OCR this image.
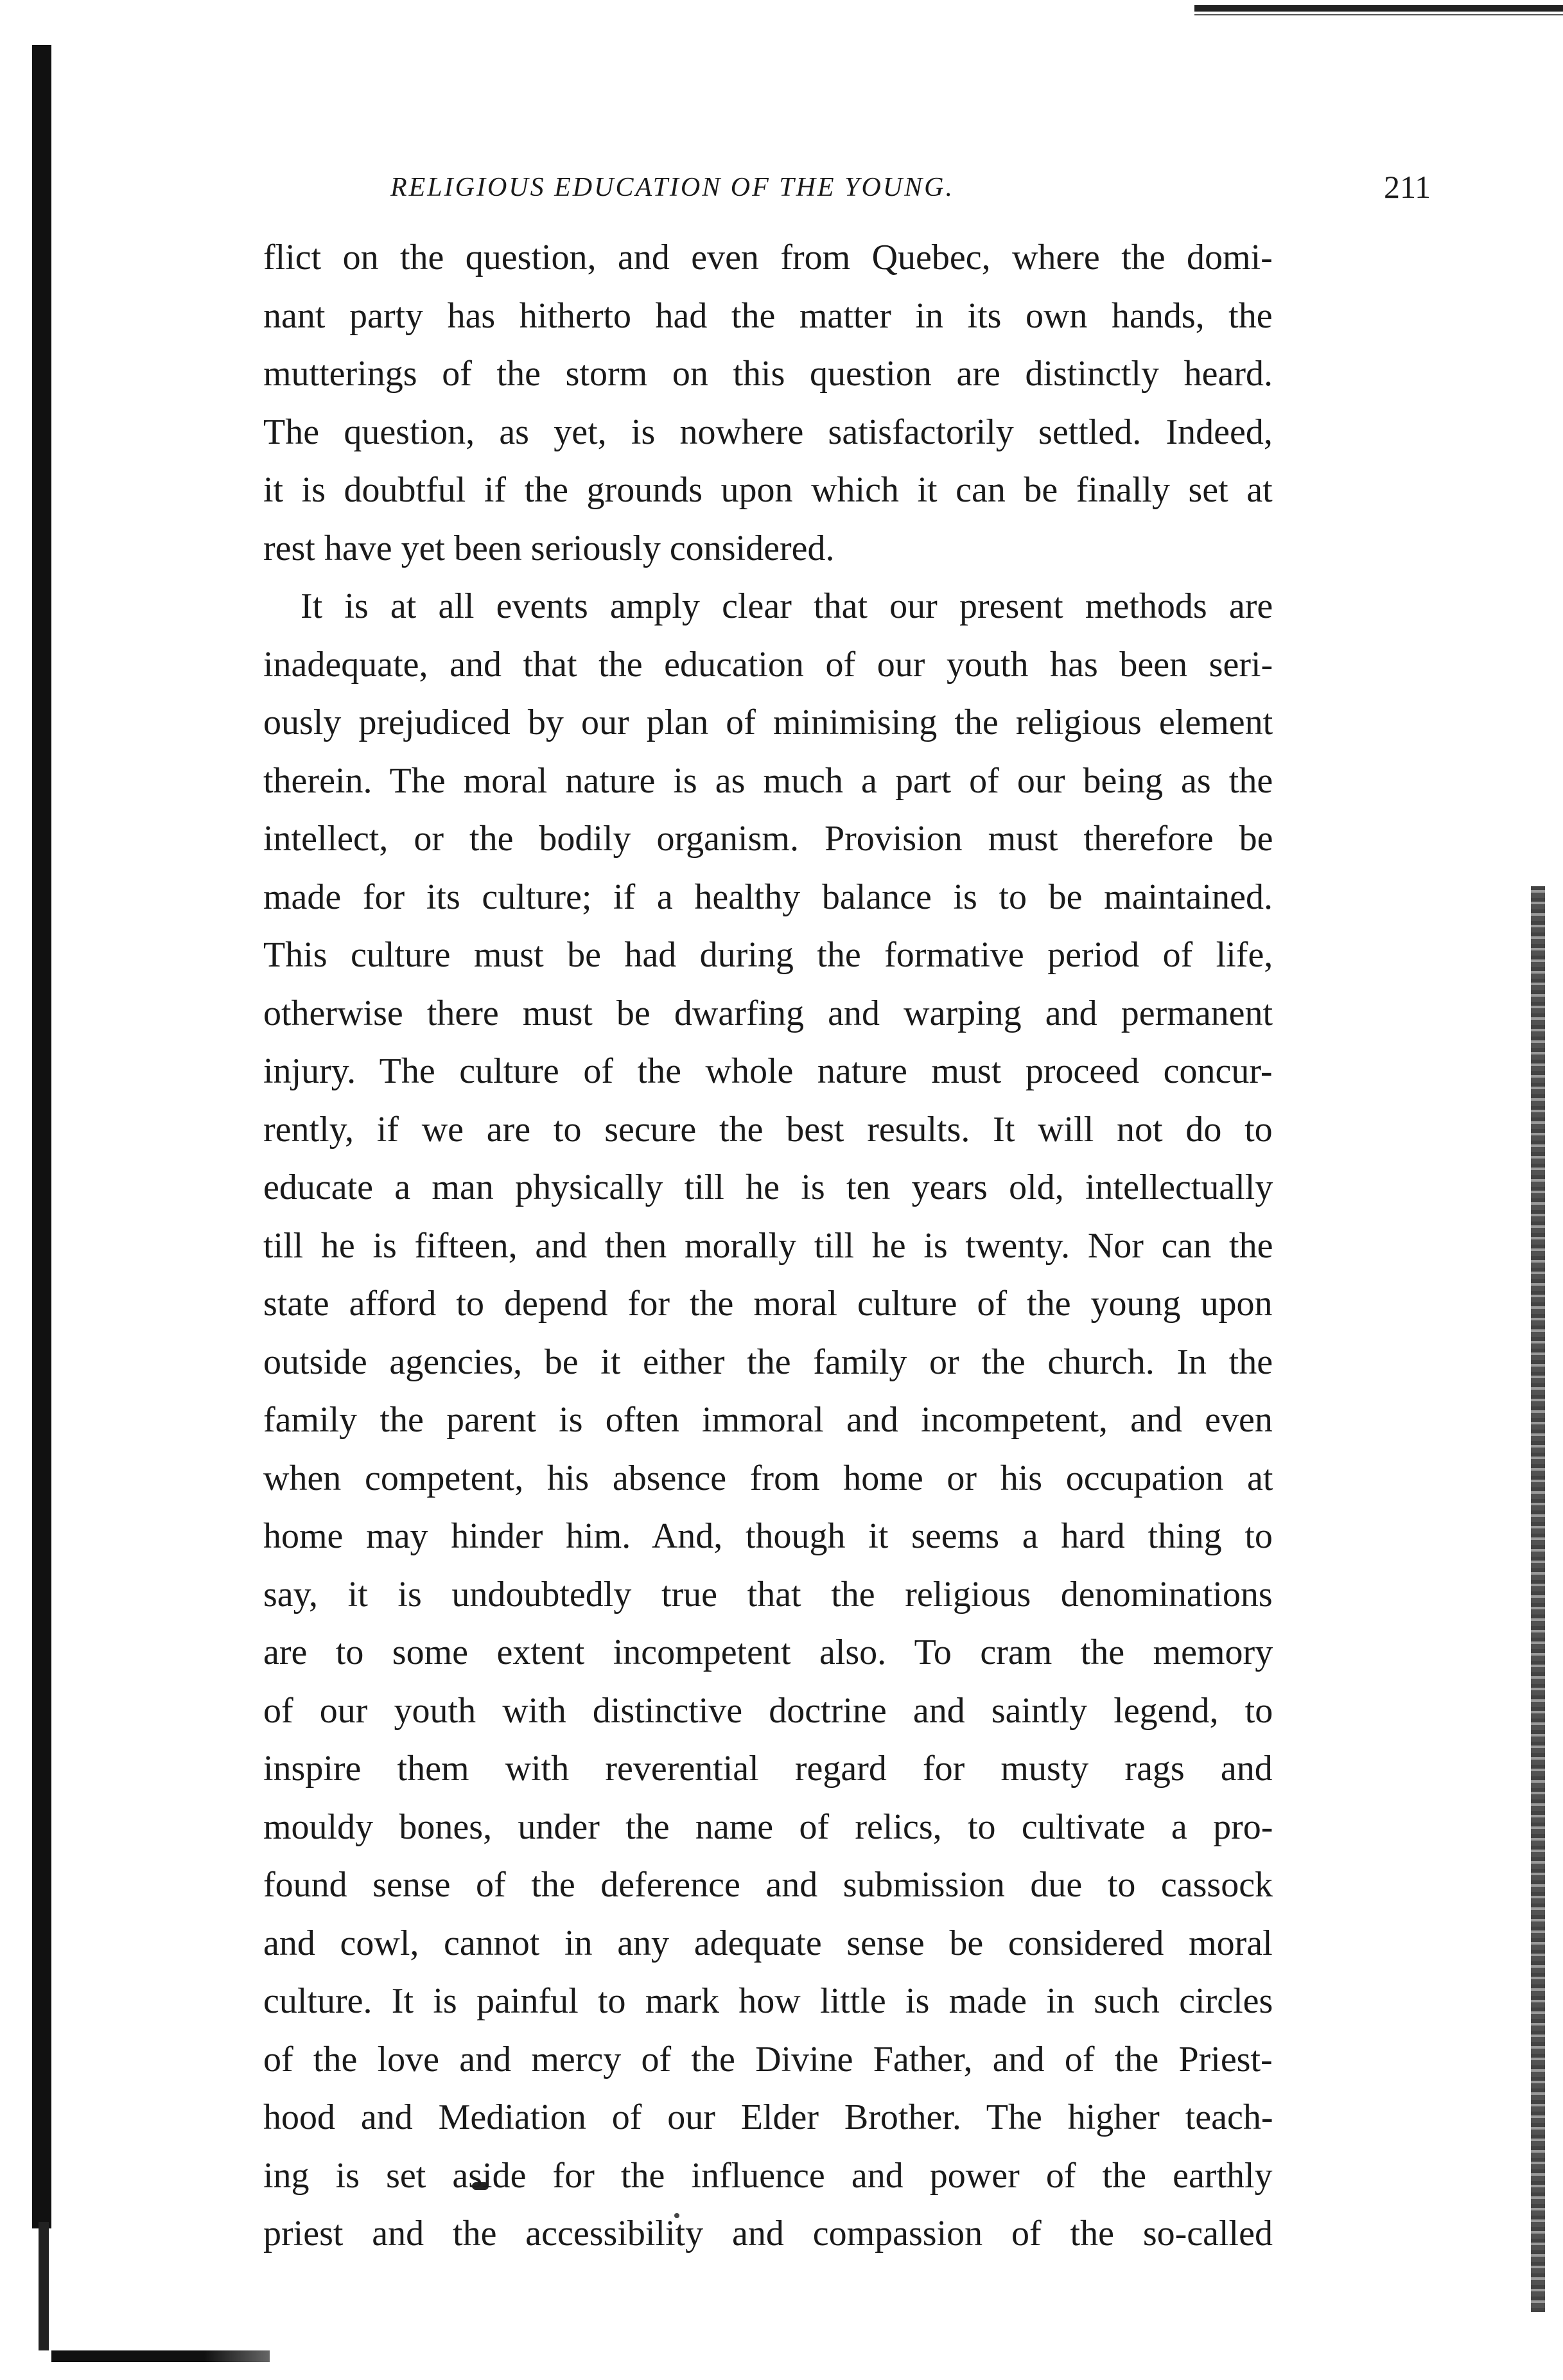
RELIGIOUS EDUCATION OF THE YOUNG.	211
flict on the question, and even from Quebec, where the domi-
nant party has hitherto had the matter in its own hands, the
mutterings of the storm on this question are distinctly heard.
The question, as yet, is nowhere satisfactorily settled. Indeed,
it is doubtful if the grounds upon which it can be finally set at
rest have yet been seriously considered.
It is at all events amply clear that our present methods are
inadequate, and that the education of our youth has been seri-
ously prejudiced by our plan of minimising the religious element
therein. The moral nature is as much a part of our being as the
intellect, or the bodily organism. Provision must therefore be
made for its culture; if a healthy balance is to be maintained.
This culture must be had during the formative period of life,
otherwise there must be dwarfing and warping and permanent
injury. The culture of the whole nature must proceed concur-
rently, if we are to secure the best results. It will not do to
educate a man physically till he is ten years old, intellectually
till he is fifteen, and then morally till he is twenty. Nor can the
state afford to depend for the moral culture of the young upon
outside agencies, be it either the family or the church. In the
family the parent is often immoral and incompetent, and even
when competent, his absence from home or his occupation at
home may hinder him. And, though it seems a hard thing to
say, it is undoubtedly true that the religious denominations
are to some extent incompetent also. To cram the memory
of our youth with distinctive doctrine and saintly legend, to
inspire them with reverential regard for musty rags and
mouldy bones, under the name of relics, to cultivate a pro-
found sense of the deference and submission due to cassock
and cowl, cannot in any adequate sense be considered moral
culture. It is painful to mark how little is made in such circles
of the love and mercy of the Divine Father, and of the Priest-
hood and Mediation of our Elder Brother. The higher teach-
ing is set aside for the influence and power of the earthly
priest and the accessibility and compassion of the so-called
